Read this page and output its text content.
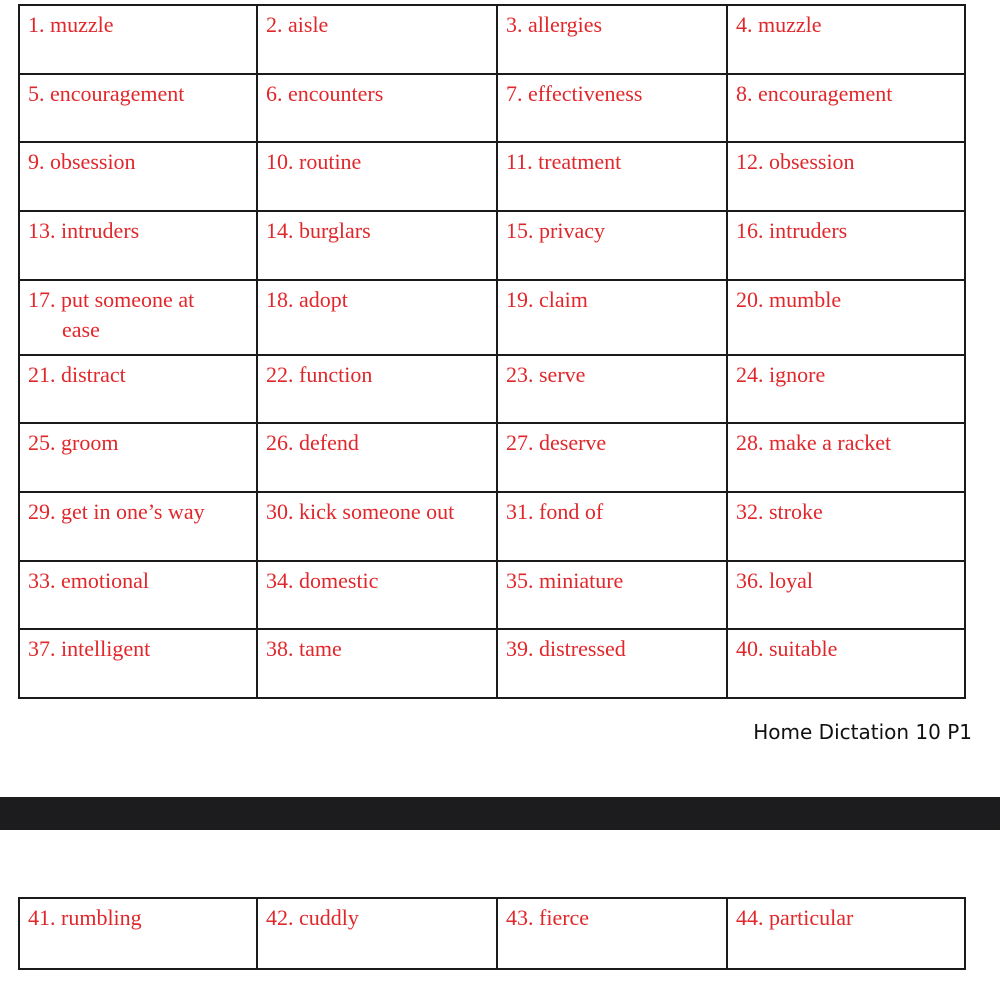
1. muzzle	2. aisle	3. allergies	4. muzzle
5. encouragement	6. encounters	7. effectiveness	8. encouragement
9. obsession	10. routine	11. treatment	12. obsession
13. intruders	14. burglars	15. privacy	16. intruders

17. put someone at
ease	18. adopt	19. claim	20. mumble
21. distract	22. function	23. serve	24. ignore
25. groom	26. defend	27. deserve	28. make a racket
29. get in one’s way	30. kick someone out	31. fond of	32. stroke
33. emotional	34. domestic	35. miniature	36. loyal
37. intelligent	38. tame	39. distressed	40. suitable
Home Dictation 10 P1
41. rumbling	42. cuddly	43. fierce	44. particular
